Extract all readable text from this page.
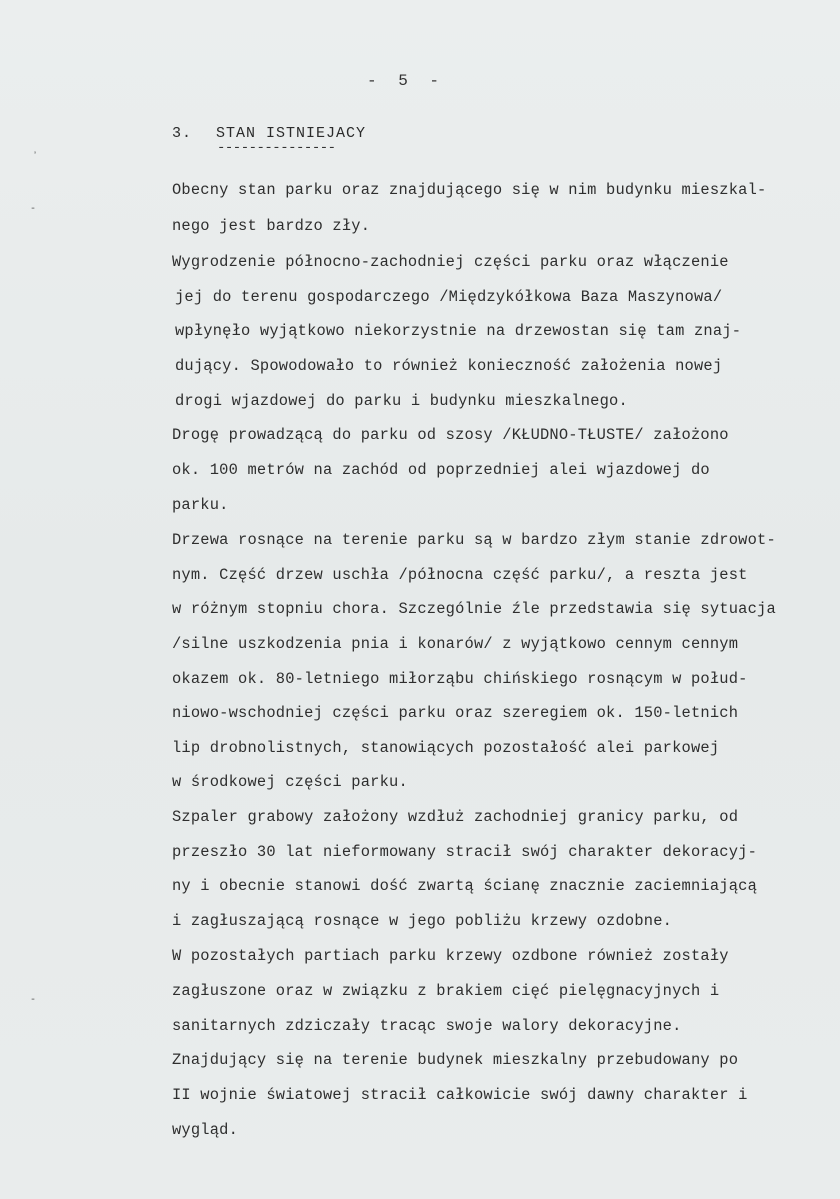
- 5 -
3. STAN ISTNIEJACY
---------------
ʼ
-
-
Obecny stan parku oraz znajdującego się w nim budynku mieszkal-
nego jest bardzo zły.
Wygrodzenie północno-zachodniej części parku oraz włączenie
jej do terenu gospodarczego /Międzykółkowa Baza Maszynowa/
wpłynęło wyjątkowo niekorzystnie na drzewostan się tam znaj-
dujący. Spowodowało to również konieczność założenia nowej
drogi wjazdowej do parku i budynku mieszkalnego.
Drogę prowadzącą do parku od szosy /KŁUDNO-TŁUSTE/ założono
ok. 100 metrów na zachód od poprzedniej alei wjazdowej do
parku.
Drzewa rosnące na terenie parku są w bardzo złym stanie zdrowot-
nym. Część drzew uschła /północna część parku/, a reszta jest
w różnym stopniu chora. Szczególnie źle przedstawia się sytuacja
/silne uszkodzenia pnia i konarów/ z wyjątkowo cennym cennym
okazem ok. 80-letniego miłorząbu chińskiego rosnącym w połud-
niowo-wschodniej części parku oraz szeregiem ok. 150-letnich
lip drobnolistnych, stanowiących pozostałość alei parkowej
w środkowej części parku.
Szpaler grabowy założony wzdłuż zachodniej granicy parku, od
przeszło 30 lat nieformowany stracił swój charakter dekoracyj-
ny i obecnie stanowi dość zwartą ścianę znacznie zaciemniającą
i zagłuszającą rosnące w jego pobliżu krzewy ozdobne.
W pozostałych partiach parku krzewy ozdbone również zostały
zagłuszone oraz w związku z brakiem cięć pielęgnacyjnych i
sanitarnych zdziczały tracąc swoje walory dekoracyjne.
Znajdujący się na terenie budynek mieszkalny przebudowany po
II wojnie światowej stracił całkowicie swój dawny charakter i
wygląd.
